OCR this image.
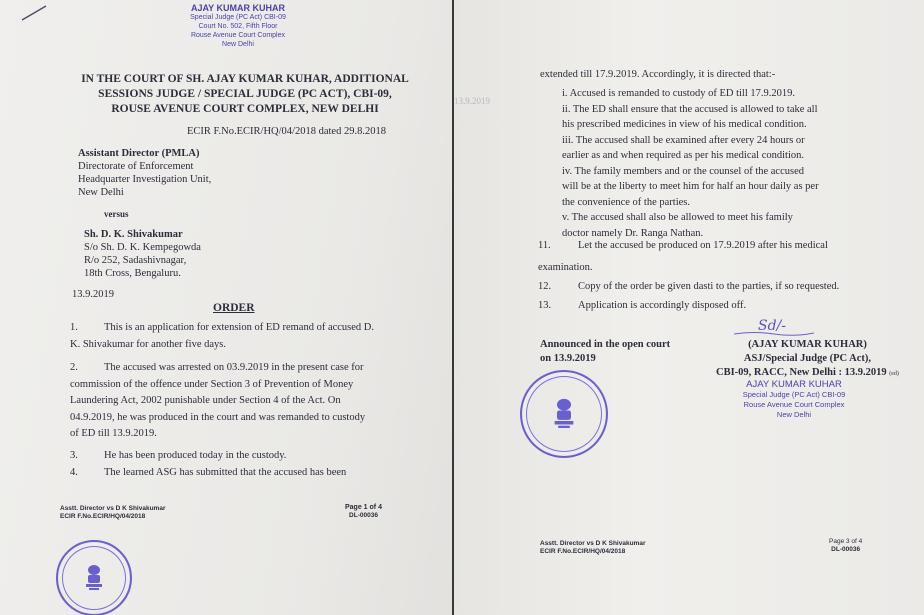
AJAY KUMAR KUHAR
Special Judge (PC Act) CBI-09
Court No. 502, Fifth Floor
Rouse Avenue Court Complex
New Delhi
IN THE COURT OF SH. AJAY KUMAR KUHAR, ADDITIONAL
SESSIONS JUDGE / SPECIAL JUDGE (PC ACT), CBI-09,
ROUSE AVENUE COURT COMPLEX, NEW DELHI
ECIR F.No.ECIR/HQ/04/2018 dated 29.8.2018
Assistant Director (PMLA)
Directorate of Enforcement
Headquarter Investigation Unit,
New Delhi
versus
Sh. D. K. Shivakumar
S/o Sh. D. K. Kempegowda
R/o 252, Sadashivnagar,
18th Cross, Bengaluru.
13.9.2019
ORDER
1. This is an application for extension of ED remand of accused D.
K. Shivakumar for another five days.
2. The accused was arrested on 03.9.2019 in the present case for
commission of the offence under Section 3 of Prevention of Money
Laundering Act, 2002 punishable under Section 4 of the Act. On
04.9.2019, he was produced in the court and was remanded to custody
of ED till 13.9.2019.
3. He has been produced today in the custody.
4. The learned ASG has submitted that the accused has been
Asstt. Director vs D K Shivakumar
ECIR F.No.ECIR/HQ/04/2018
Page 1 of 4
DL-00036
13.9.2019
extended till 17.9.2019. Accordingly, it is directed that:-
i. Accused is remanded to custody of ED till 17.9.2019.
ii. The ED shall ensure that the accused is allowed to take all
his prescribed medicines in view of his medical condition.
iii. The accused shall be examined after every 24 hours or
earlier as and when required as per his medical condition.
iv. The family members and or the counsel of the accused
will be at the liberty to meet him for half an hour daily as per
the convenience of the parties.
v. The accused shall also be allowed to meet his family
doctor namely Dr. Ranga Nathan.
11.	Let the accused be produced on 17.9.2019 after his medical
examination.
12.	Copy of the order be given dasti to the parties, if so requested.
13.	Application is accordingly disposed off.
Sd/-
Announced in the open court
on 13.9.2019
(AJAY KUMAR KUHAR)
ASJ/Special Judge (PC Act),
CBI-09, RACC, New Delhi : 13.9.2019 (ed)
AJAY KUMAR KUHAR
Special Judge (PC Act) CBI-09
Rouse Avenue Court Complex
New Delhi
Asstt. Director vs D K Shivakumar
ECIR F.No.ECIR/HQ/04/2018
Page 3 of 4
DL-00036
